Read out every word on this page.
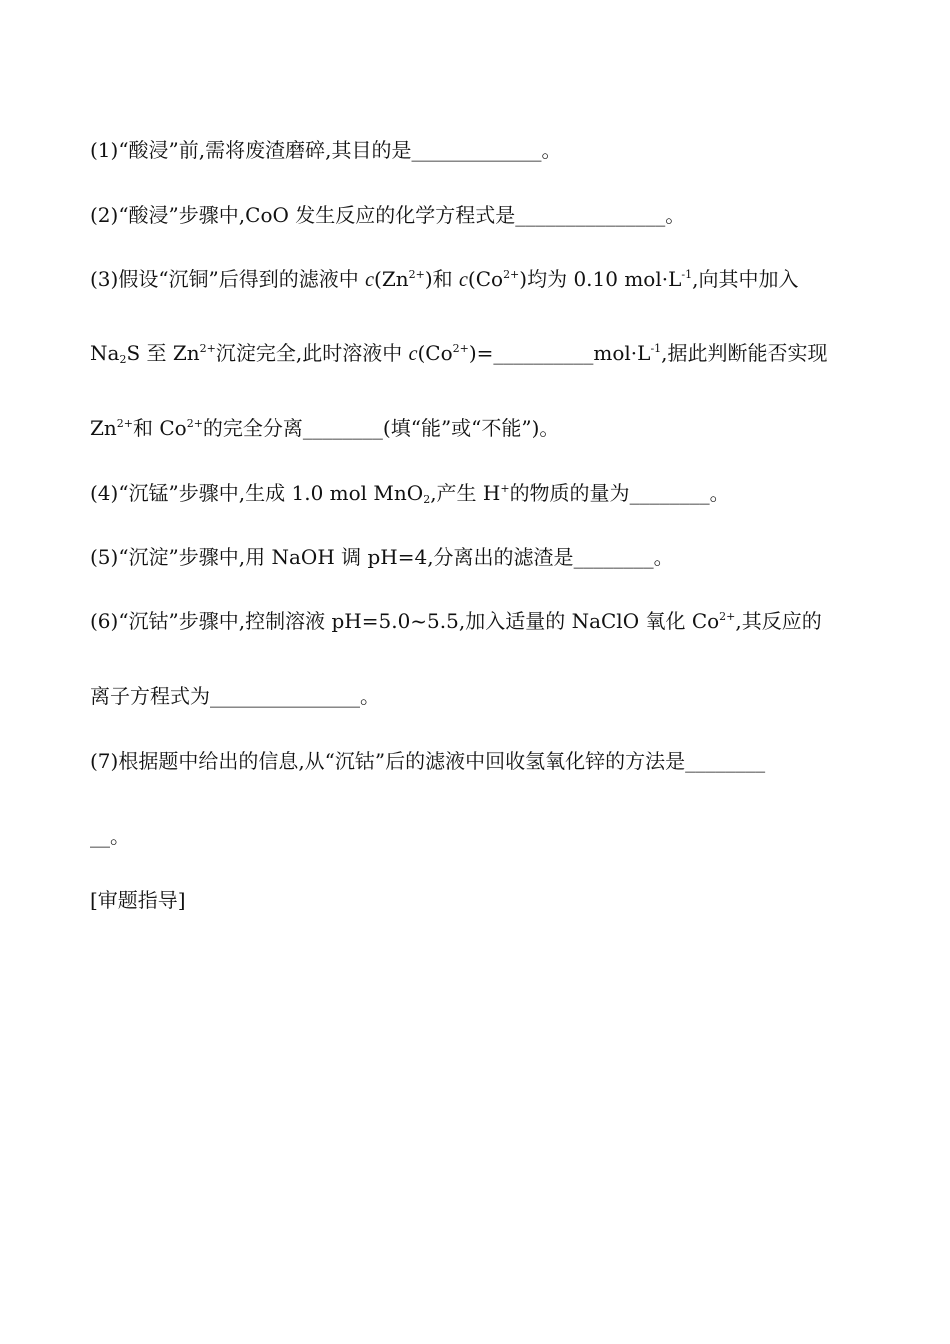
(1)“酸浸”前,需将废渣磨碎,其目的是_____________。
(2)“酸浸”步骤中,CoO 发生反应的化学方程式是_______________。
(3)假设“沉铜”后得到的滤液中 $c(Zn^{2+})$和 $c(Co^{2+})$均为 0.10 $mol\cdot L^{-1}$,向其中加入
$Na_2S$ 至 $Zn^{2+}$沉淀完全,此时溶液中 $c(Co^{2+})=\_\_\_\_\_\_\_\_\_\_mol\cdot L^{-1}$,据此判断能否实现
$Zn^{2+}$和 $Co^{2+}$的完全分离________(填“能”或“不能”)。
(4)“沉锰”步骤中,生成 1.0 mol MnO$_2$,产生 H+的物质的量为________。
(5)“沉淀”步骤中,用 NaOH 调 pH=4,分离出的滤渣是________。
(6)“沉钴”步骤中,控制溶液 pH=5.0~5.5,加入适量的 NaClO 氧化 $Co^{2+}$,其反应的
离子方程式为_______________。
(7)根据题中给出的信息,从“沉钴”后的滤液中回收氢氧化锌的方法是________
__。
[审题指导]
